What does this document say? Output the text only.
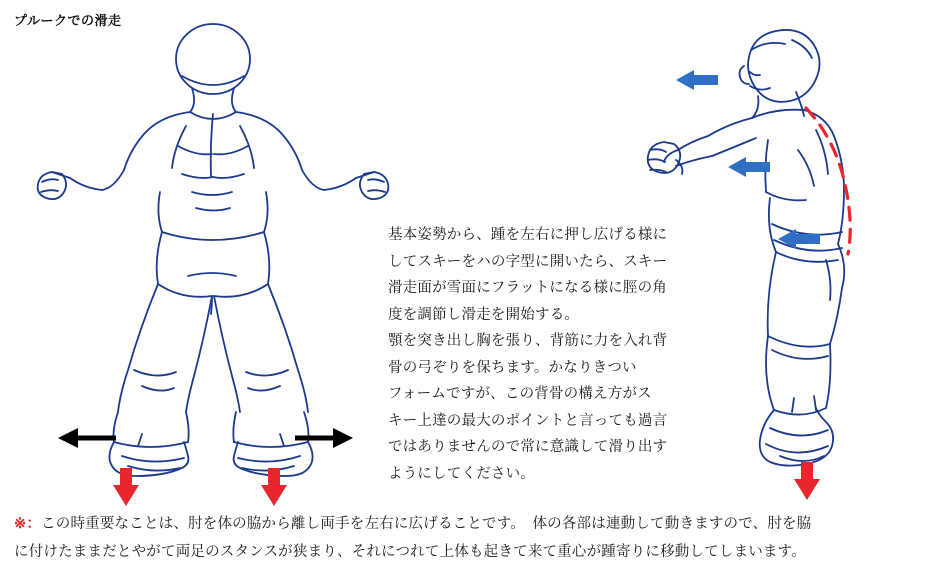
プルークでの滑走

基本姿勢から、踵を左右に押し広げる様に

してスキーをハの字型に開いたら、スキー

滑走面が雪面にフラットになる様に脛の角

度を調節し滑走を開始する。

顎を突き出し胸を張り、背筋に力を入れ背

骨の弓ぞりを保ちます。かなりきつい

フォームですが、この背骨の構え方がス

キー上達の最大のポイントと言っても過言

ではありませんので常に意識して滑り出す

ようにしてください。

※：この時重要なことは、肘を体の脇から離し両手を左右に広げることです。　体の各部は連動して動きますので、肘を脇

に付けたままだとやがて両足のスタンスが狭まり、それにつれて上体も起きて来て重心が踵寄りに移動してしまいます。
